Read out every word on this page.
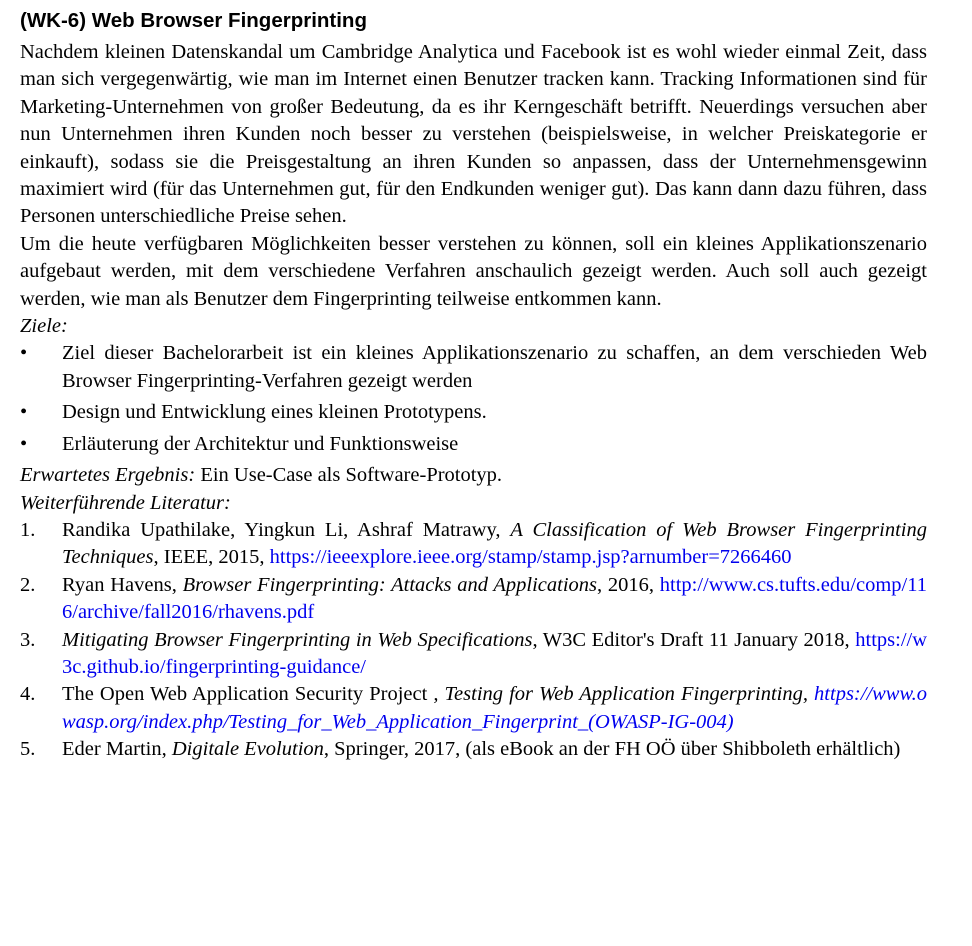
(WK-6) Web Browser Fingerprinting

Nachdem kleinen Datenskandal um Cambridge Analytica und Facebook ist es wohl wieder einmal Zeit, dass man sich vergegenwärtig, wie man im Internet einen Benutzer tracken kann. Tracking Informationen sind für Marketing-Unternehmen von großer Bedeutung, da es ihr Kerngeschäft betrifft. Neuerdings versuchen aber nun Unternehmen ihren Kunden noch besser zu verstehen (beispielsweise, in welcher Preiskategorie er einkauft), sodass sie die Preisgestaltung an ihren Kunden so anpassen, dass der Unternehmensgewinn maximiert wird (für das Unternehmen gut, für den Endkunden weniger gut). Das kann dann dazu führen, dass Personen unterschiedliche Preise sehen.

Um die heute verfügbaren Möglichkeiten besser verstehen zu können, soll ein kleines Applikationszenario aufgebaut werden, mit dem verschiedene Verfahren anschaulich gezeigt werden. Auch soll auch gezeigt werden, wie man als Benutzer dem Fingerprinting teilweise entkommen kann.

Ziele:

•	Ziel dieser Bachelorarbeit ist ein kleines Applikationszenario zu schaffen, an dem verschieden Web Browser Fingerprinting-Verfahren gezeigt werden
•	Design und Entwicklung eines kleinen Prototypens.
•	Erläuterung der Architektur und Funktionsweise

Erwartetes Ergebnis: Ein Use-Case als Software-Prototyp.

Weiterführende Literatur:

1.	Randika Upathilake, Yingkun Li, Ashraf Matrawy, A Classification of Web Browser Fingerprinting Techniques, IEEE, 2015, https://ieeexplore.ieee.org/stamp/stamp.jsp?arnumber=7266460
2.	Ryan Havens, Browser Fingerprinting: Attacks and Applications, 2016, http://www.cs.tufts.edu/comp/116/archive/fall2016/rhavens.pdf
3.	Mitigating Browser Fingerprinting in Web Specifications, W3C Editor's Draft 11 January 2018, https://w3c.github.io/fingerprinting-guidance/
4.	The Open Web Application Security Project , Testing for Web Application Fingerprinting, https://www.owasp.org/index.php/Testing_for_Web_Application_Fingerprint_(OWASP-IG-004)
5.	Eder Martin, Digitale Evolution, Springer, 2017, (als eBook an der FH OÖ über Shibboleth erhältlich)
